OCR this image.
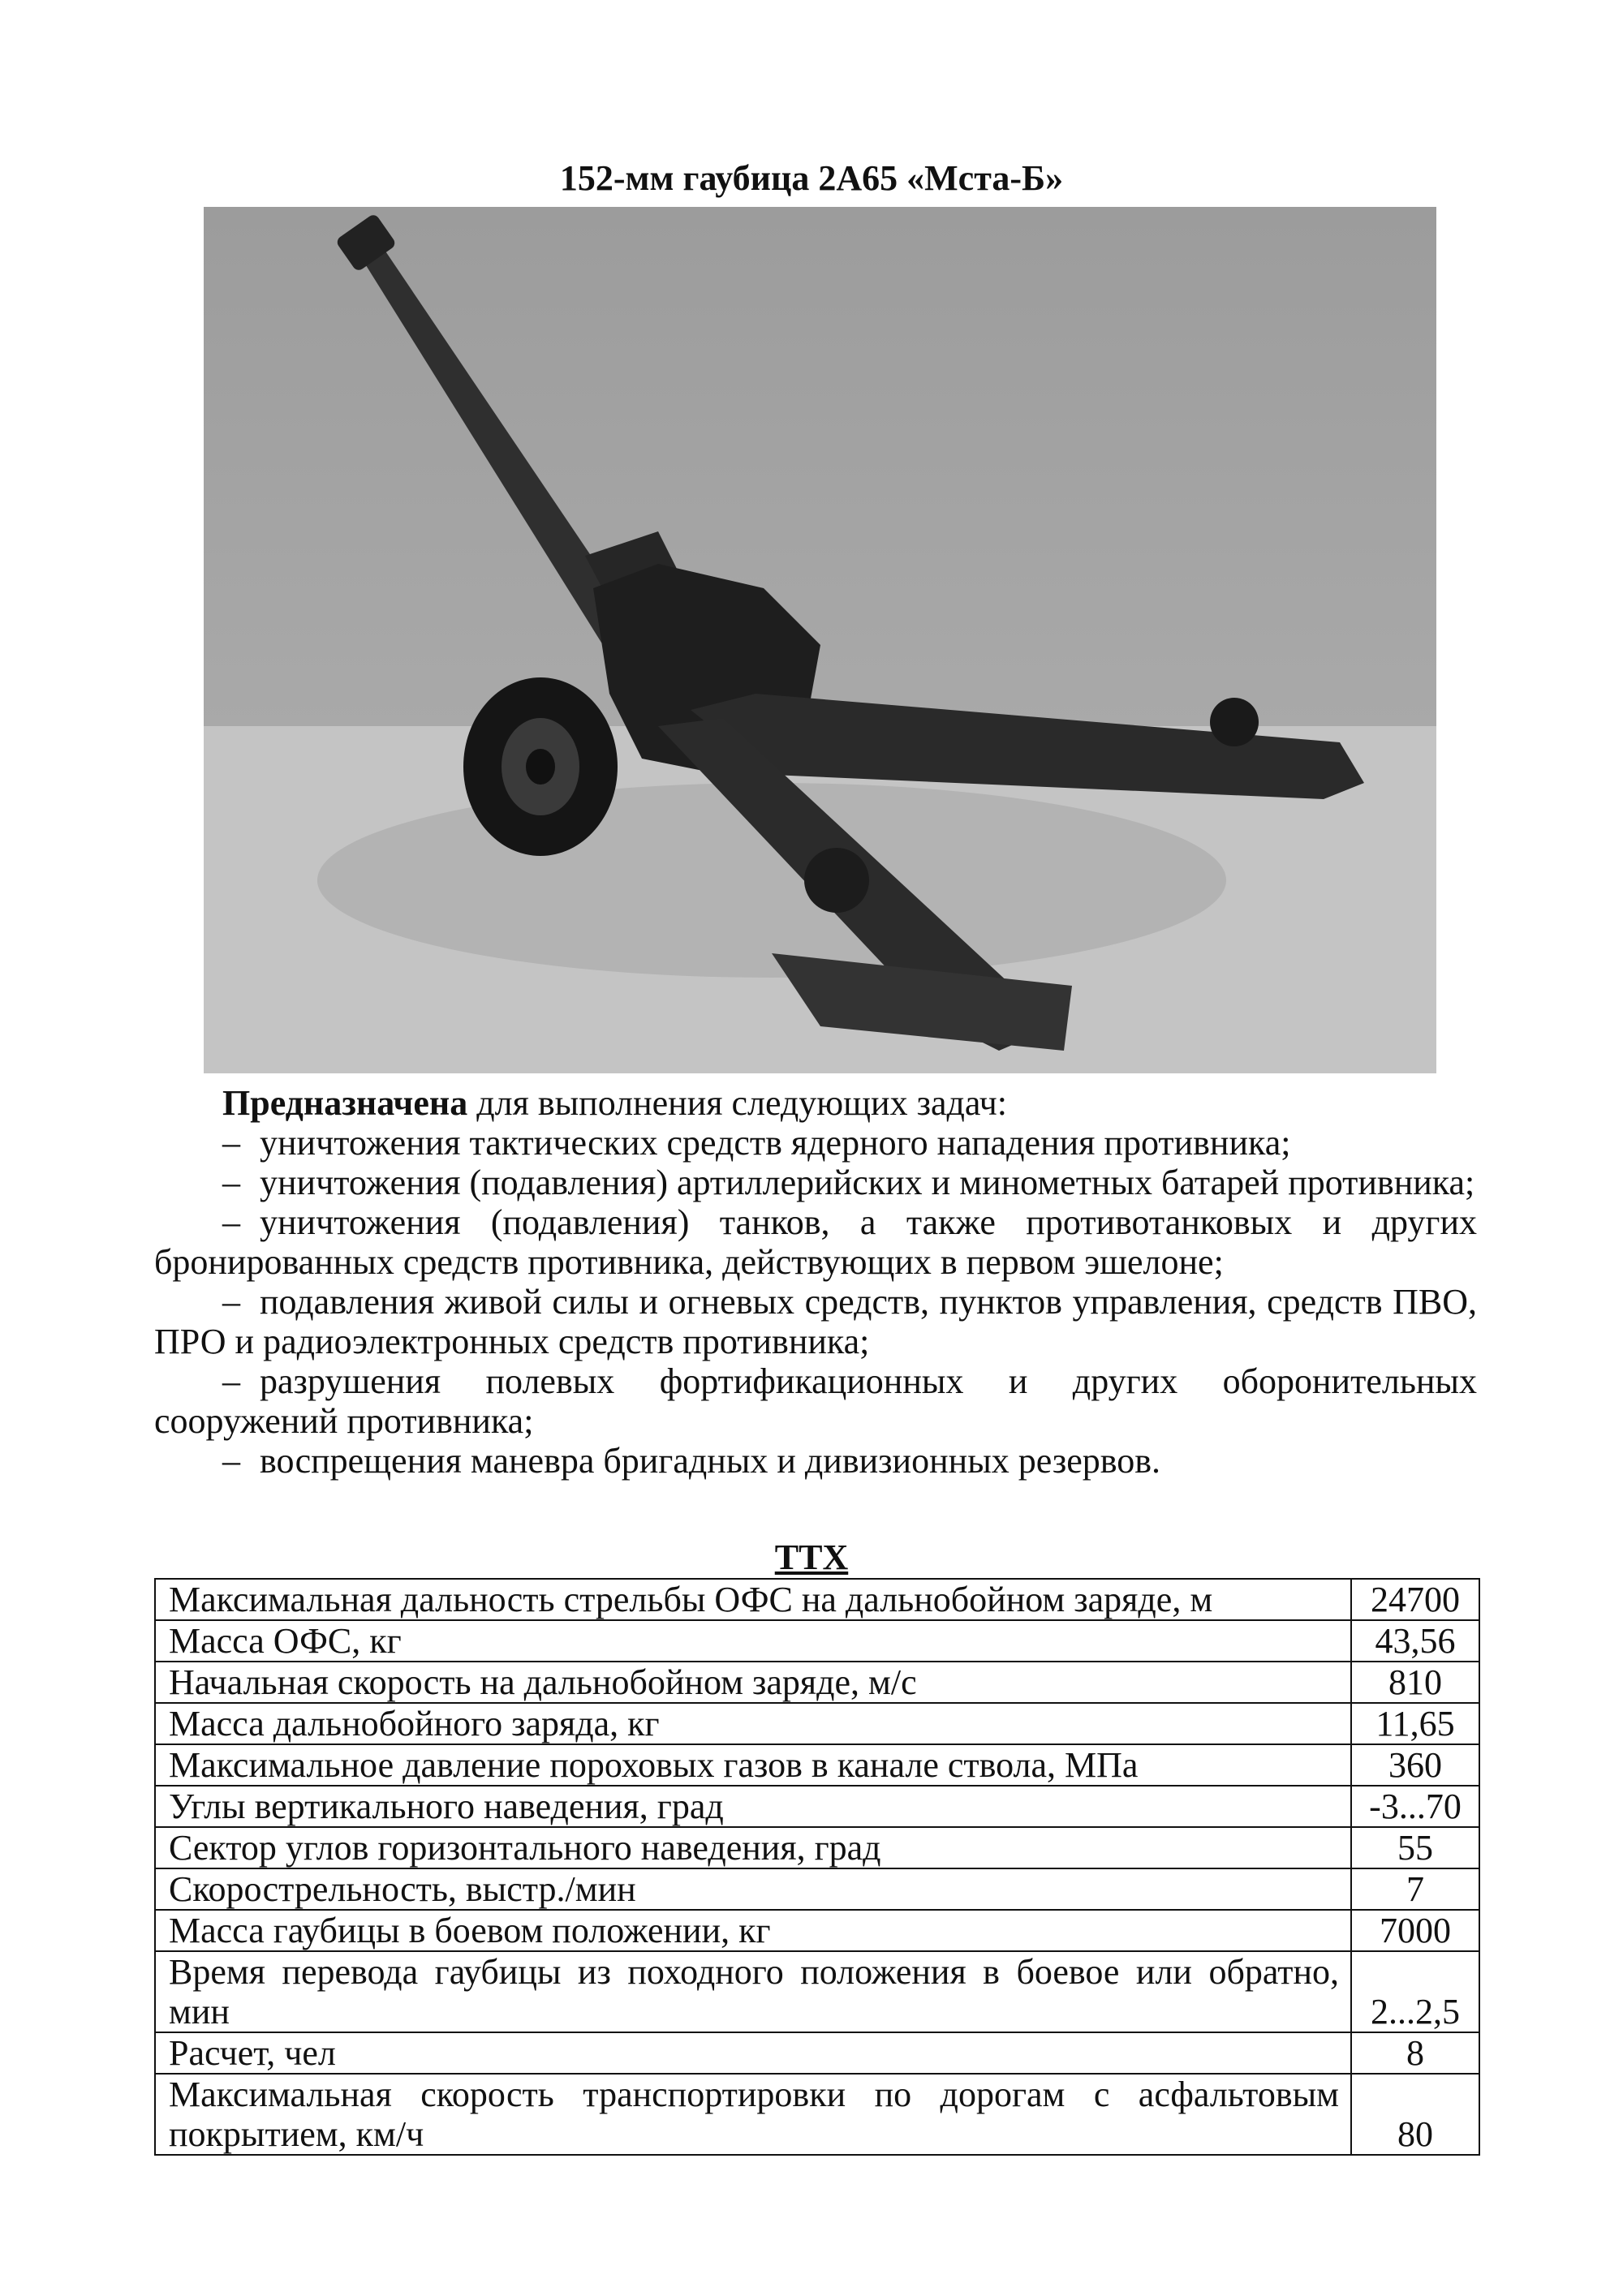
152-мм гаубица 2А65 «Мста-Б»

Предназначена для выполнения следующих задач:

– уничтожения тактических средств ядерного нападения противника;

– уничтожения (подавления) артиллерийских и минометных батарей противника;

– уничтожения (подавления) танков, а также противотанковых и других бронированных средств противника, действующих в первом эшелоне;

– подавления живой силы и огневых средств, пунктов управления, средств ПВО, ПРО и радиоэлектронных средств противника;

– разрушения полевых фортификационных и других оборонительных сооружений противника;

– воспрещения маневра бригадных и дивизионных резервов.

ТТХ
Максимальная дальность стрельбы ОФС на дальнобойном заряде, м	24700
Масса ОФС, кг	43,56
Начальная скорость на дальнобойном заряде, м/с	810
Масса дальнобойного заряда, кг	11,65
Максимальное давление пороховых газов в канале ствола, МПа	360
Углы вертикального наведения, град	-3...70
Сектор углов горизонтального наведения, град	55
Скорострельность, выстр./мин	7
Масса гаубицы в боевом положении, кг	7000
Время перевода гаубицы из походного положения в боевое или обратно, мин	2...2,5
Расчет, чел	8
Максимальная скорость транспортировки по дорогам с асфальтовым покрытием, км/ч	80
